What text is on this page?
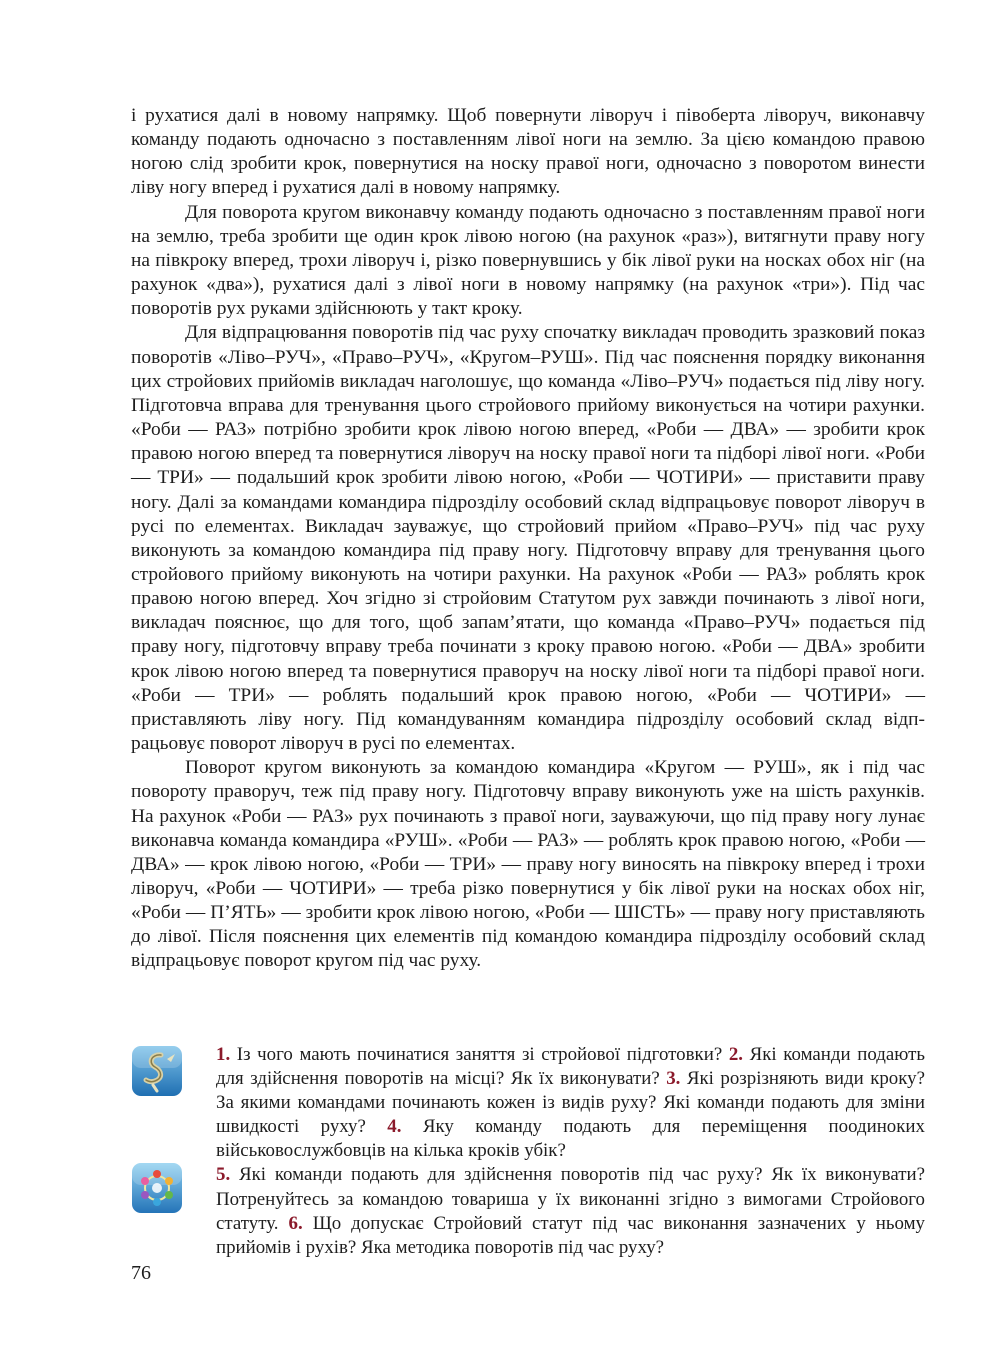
і рухатися далі в новому напрямку. Щоб повернути ліворуч і півоберта ліворуч, виконавчу команду подають одночасно з поставленням лівої ноги на землю. За цією командою правою ногою слід зробити крок, повернутися на носку правої ноги, одночасно з поворотом винести ліву ногу вперед і рухатися далі в новому напрямку.

Для поворота кругом виконавчу команду подають одночасно з поставленням правої ноги на землю, треба зробити ще один крок лівою ногою (на рахунок «раз»), витягнути праву ногу на півкроку вперед, трохи ліворуч і, різко повернувшись у бік лівої руки на носках обох ніг (на рахунок «два»), рухатися далі з лівої ноги в новому напрямку (на рахунок «три»). Під час поворотів рух руками здійснюють у такт кроку.

Для відпрацювання поворотів під час руху спочатку викладач проводить зразковий показ поворотів «Ліво–РУЧ», «Право–РУЧ», «Кругом–РУШ». Під час пояснення порядку виконання цих стройових прийомів викладач наголошує, що команда «Ліво–РУЧ» подається під ліву ногу. Підготовча вправа для тренування цього стройового прийому виконується на чотири рахунки. «Роби — РАЗ» потрібно зробити крок лівою ногою вперед, «Роби — ДВА» — зробити крок правою ногою вперед та повернутися ліворуч на носку правої ноги та підборі лівої ноги. «Роби — ТРИ» — подальший крок зробити лівою ногою, «Роби — ЧОТИРИ» — приставити праву ногу. Далі за командами командира підрозділу особовий склад відпрацьовує поворот ліворуч в русі по елементах. Викладач зауважує, що стройовий прийом «Право–РУЧ» під час руху виконують за командою командира під праву ногу. Підготовчу вправу для тренування цього стройового прийому виконують на чотири рахунки. На рахунок «Роби — РАЗ» роблять крок правою ногою вперед. Хоч згідно зі стройовим Статутом рух завжди починають з лівої ноги, викладач пояснює, що для того, щоб запам’ятати, що команда «Право–РУЧ» подається під праву ногу, підготовчу вправу треба починати з кроку правою ногою. «Роби — ДВА» зробити крок лівою ногою вперед та повернутися праворуч на носку лівої ноги та підборі правої ноги. «Роби — ТРИ» — роблять подальший крок правою ногою, «Роби — ЧОТИРИ» — приставляють ліву ногу. Під командуванням командира підрозділу особовий склад відпрацьовує поворот ліворуч в русі по елементах.

Поворот кругом виконують за командою командира «Кругом — РУШ», як і під час повороту праворуч, теж під праву ногу. Підготовчу вправу виконують уже на шість рахунків. На рахунок «Роби — РАЗ» рух починають з правої ноги, зауважуючи, що під праву ногу лунає виконавча команда командира «РУШ». «Роби — РАЗ» — роблять крок правою ногою, «Роби — ДВА» — крок лівою ногою, «Роби — ТРИ» — праву ногу виносять на півкроку вперед і трохи ліворуч, «Роби — ЧОТИРИ» — треба різко повернутися у бік лівої руки на носках обох ніг, «Роби — П’ЯТЬ» — зробити крок лівою ногою, «Роби — ШІСТЬ» — праву ногу приставляють до лівої. Після пояснення цих елементів під командою командира підрозділу особовий склад відпрацьовує поворот кругом під час руху.

1. Із чого мають починатися заняття зі стройової підготовки? 2. Які команди подають для здійснення поворотів на місці? Як їх виконувати? 3. Які розрізняють види кроку? За якими командами починають кожен із видів руху? Які команди подають для зміни швидкості руху? 4. Яку команду подають для переміщення поодиноких військовослужбовців на кілька кроків убік?

5. Які команди подають для здійснення поворотів під час руху? Як їх виконувати? Потренуйтесь за командою товариша у їх виконанні згідно з вимогами Стройового статуту. 6. Що допускає Стройовий статут під час виконання зазначених у ньому прийомів і рухів? Яка методика поворотів під час руху?

76
